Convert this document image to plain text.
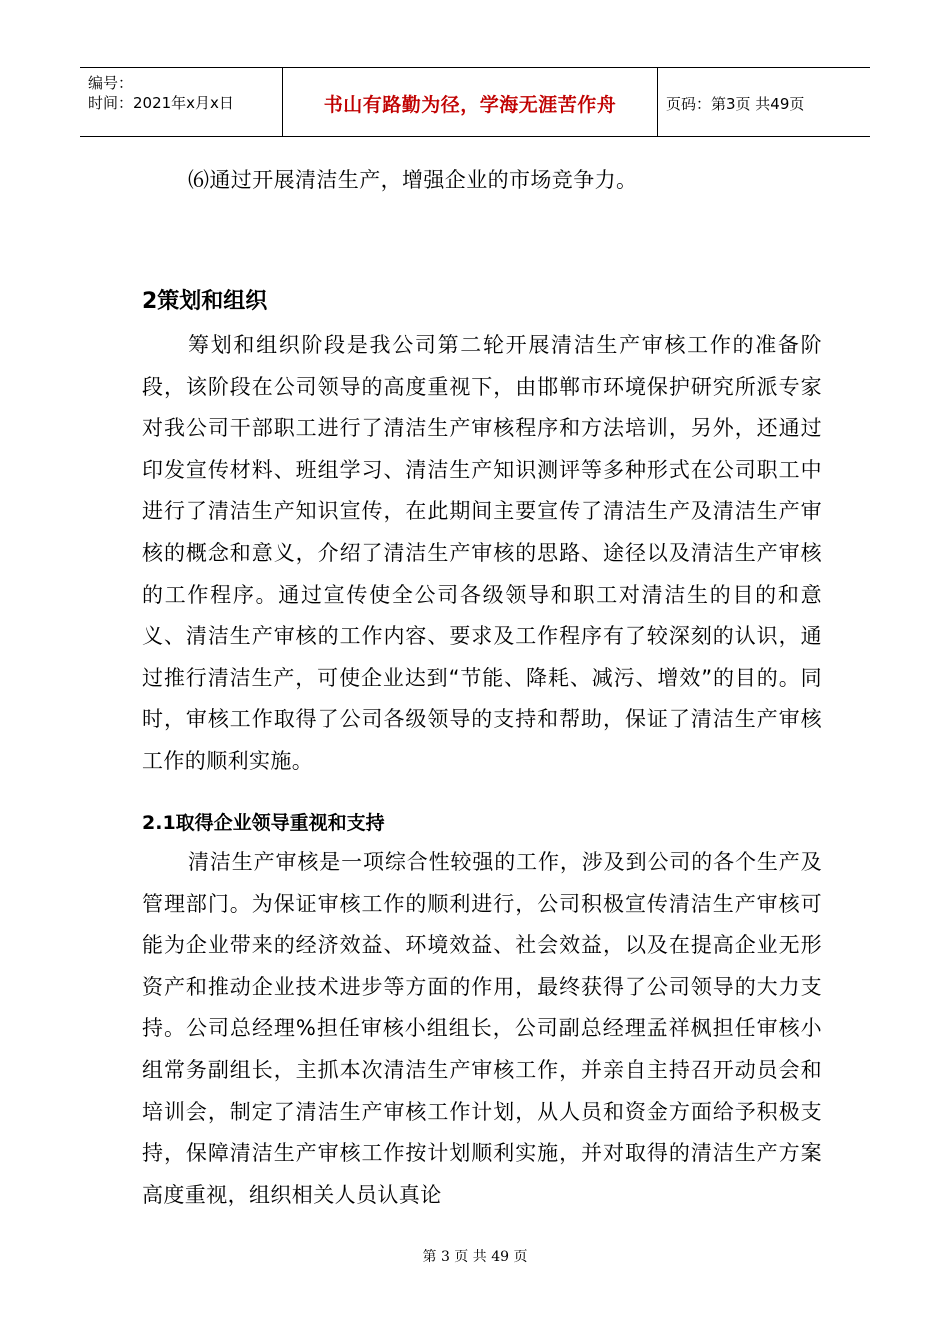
编号：
时间：2021年x月x日	书山有路勤为径，学海无涯苦作舟	页码：第3页 共49页

⑹通过开展清洁生产，增强企业的市场竞争力。

2策划和组织

筹划和组织阶段是我公司第二轮开展清洁生产审核工作的准备阶段，该阶段在公司领导的高度重视下，由邯郸市环境保护研究所派专家对我公司干部职工进行了清洁生产审核程序和方法培训，另外，还通过印发宣传材料、班组学习、清洁生产知识测评等多种形式在公司职工中进行了清洁生产知识宣传，在此期间主要宣传了清洁生产及清洁生产审核的概念和意义，介绍了清洁生产审核的思路、途径以及清洁生产审核的工作程序。通过宣传使全公司各级领导和职工对清洁生的目的和意义、清洁生产审核的工作内容、要求及工作程序有了较深刻的认识，通过推行清洁生产，可使企业达到“节能、降耗、减污、增效”的目的。同时，审核工作取得了公司各级领导的支持和帮助，保证了清洁生产审核工作的顺利实施。

2.1取得企业领导重视和支持

清洁生产审核是一项综合性较强的工作，涉及到公司的各个生产及管理部门。为保证审核工作的顺利进行，公司积极宣传清洁生产审核可能为企业带来的经济效益、环境效益、社会效益，以及在提高企业无形资产和推动企业技术进步等方面的作用，最终获得了公司领导的大力支持。公司总经理%担任审核小组组长，公司副总经理孟祥枫担任审核小组常务副组长，主抓本次清洁生产审核工作，并亲自主持召开动员会和培训会，制定了清洁生产审核工作计划，从人员和资金方面给予积极支持，保障清洁生产审核工作按计划顺利实施，并对取得的清洁生产方案高度重视，组织相关人员认真论

第 3 页 共 49 页
